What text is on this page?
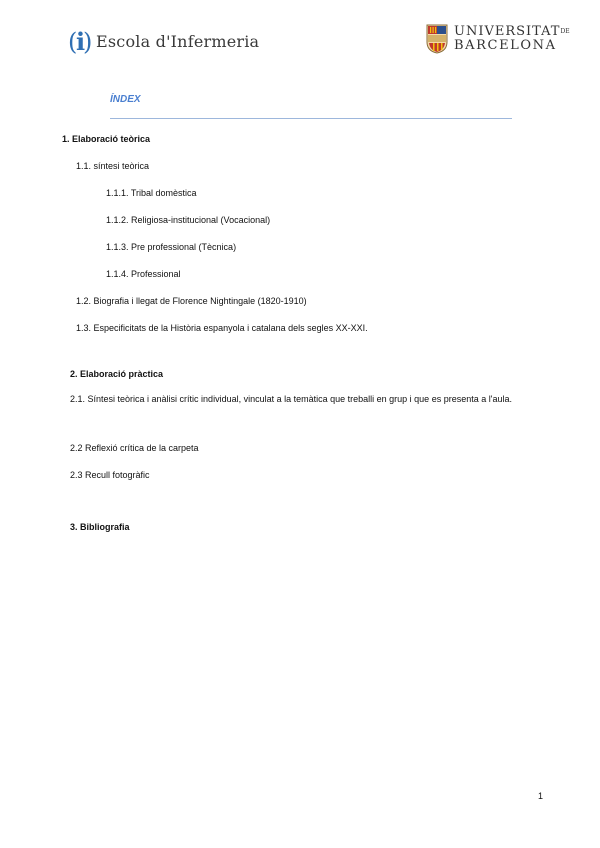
(
i
) Escola d'Infermeria	UNIVERSITATDE
BARCELONA
ÍNDEX
1. Elaboració teòrica
1.1. síntesi teòrica
1.1.1. Tribal domèstica
1.1.2. Religiosa-institucional (Vocacional)
1.1.3. Pre professional (Tècnica)
1.1.4. Professional
1.2. Biografia i llegat de Florence Nightingale (1820-1910)
1.3. Especificitats de la Història espanyola i catalana dels segles XX-XXI.
2. Elaboració pràctica
2.1. Síntesi teòrica i anàlisi crític individual, vinculat a la temàtica que treballi en grup i que es presenta a l'aula.
2.2 Reflexió crítica de la carpeta
2.3 Recull fotogràfic
3. Bibliografia
1
